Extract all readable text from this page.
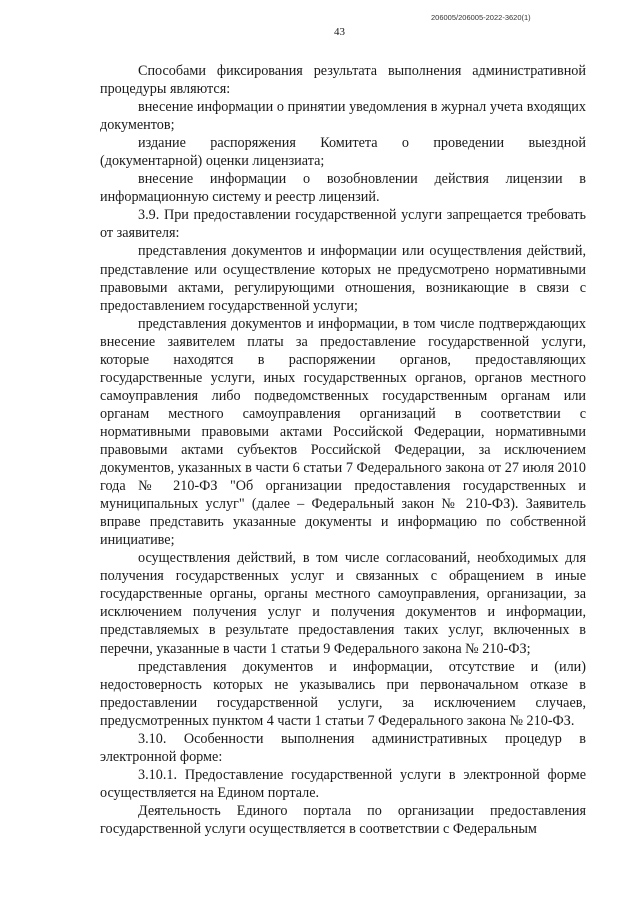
206005/206005-2022-3620(1)
43

Способами фиксирования результата выполнения административной процедуры являются:

внесение информации о принятии уведомления в журнал учета входящих документов;

издание распоряжения Комитета о проведении выездной (документарной) оценки лицензиата;

внесение информации о возобновлении действия лицензии в информационную систему и реестр лицензий.

3.9. При предоставлении государственной услуги запрещается требовать от заявителя:

представления документов и информации или осуществления действий, представление или осуществление которых не предусмотрено нормативными правовыми актами, регулирующими отношения, возникающие в связи с предоставлением государственной услуги;

представления документов и информации, в том числе подтверждающих внесение заявителем платы за предоставление государственной услуги, которые находятся в распоряжении органов, предоставляющих государственные услуги, иных государственных органов, органов местного самоуправления либо подведомственных государственным органам или органам местного самоуправления организаций в соответствии с нормативными правовыми актами Российской Федерации, нормативными правовыми актами субъектов Российской Федерации, за исключением документов, указанных в части 6 статьи 7 Федерального закона от 27 июля 2010 года № 210-ФЗ "Об организации предоставления государственных и муниципальных услуг" (далее – Федеральный закон № 210-ФЗ). Заявитель вправе представить указанные документы и информацию по собственной инициативе;

осуществления действий, в том числе согласований, необходимых для получения государственных услуг и связанных с обращением в иные государственные органы, органы местного самоуправления, организации, за исключением получения услуг и получения документов и информации, представляемых в результате предоставления таких услуг, включенных в перечни, указанные в части 1 статьи 9 Федерального закона № 210-ФЗ;

представления документов и информации, отсутствие и (или) недостоверность которых не указывались при первоначальном отказе в предоставлении государственной услуги, за исключением случаев, предусмотренных пунктом 4 части 1 статьи 7 Федерального закона № 210-ФЗ.

3.10. Особенности выполнения административных процедур в электронной форме:

3.10.1. Предоставление государственной услуги в электронной форме осуществляется на Едином портале.

Деятельность Единого портала по организации предоставления государственной услуги осуществляется в соответствии с Федеральным
